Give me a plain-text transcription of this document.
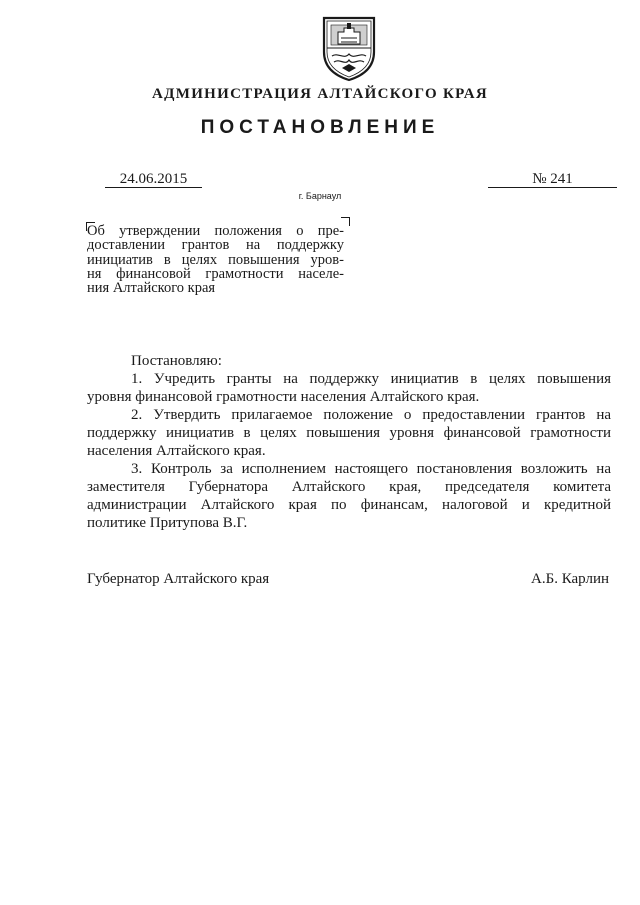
АДМИНИСТРАЦИЯ АЛТАЙСКОГО КРАЯ
ПОСТАНОВЛЕНИЕ
24.06.2015	№ 241
г. Барнаул
Об утверждении положения о пре-
доставлении грантов на поддержку
инициатив в целях повышения уров-
ня финансовой грамотности населе-
ния Алтайского края
Постановляю:
1. Учредить гранты на поддержку инициатив в целях повышения
уровня финансовой грамотности населения Алтайского края.
2. Утвердить прилагаемое положение о предоставлении грантов на
поддержку инициатив в целях повышения уровня финансовой грамотности
населения Алтайского края.
3. Контроль за исполнением настоящего постановления возложить на
заместителя Губернатора Алтайского края, председателя комитета
администрации Алтайского края по финансам, налоговой и кредитной
политике Притупова В.Г.
Губернатор Алтайского края	А.Б. Карлин
